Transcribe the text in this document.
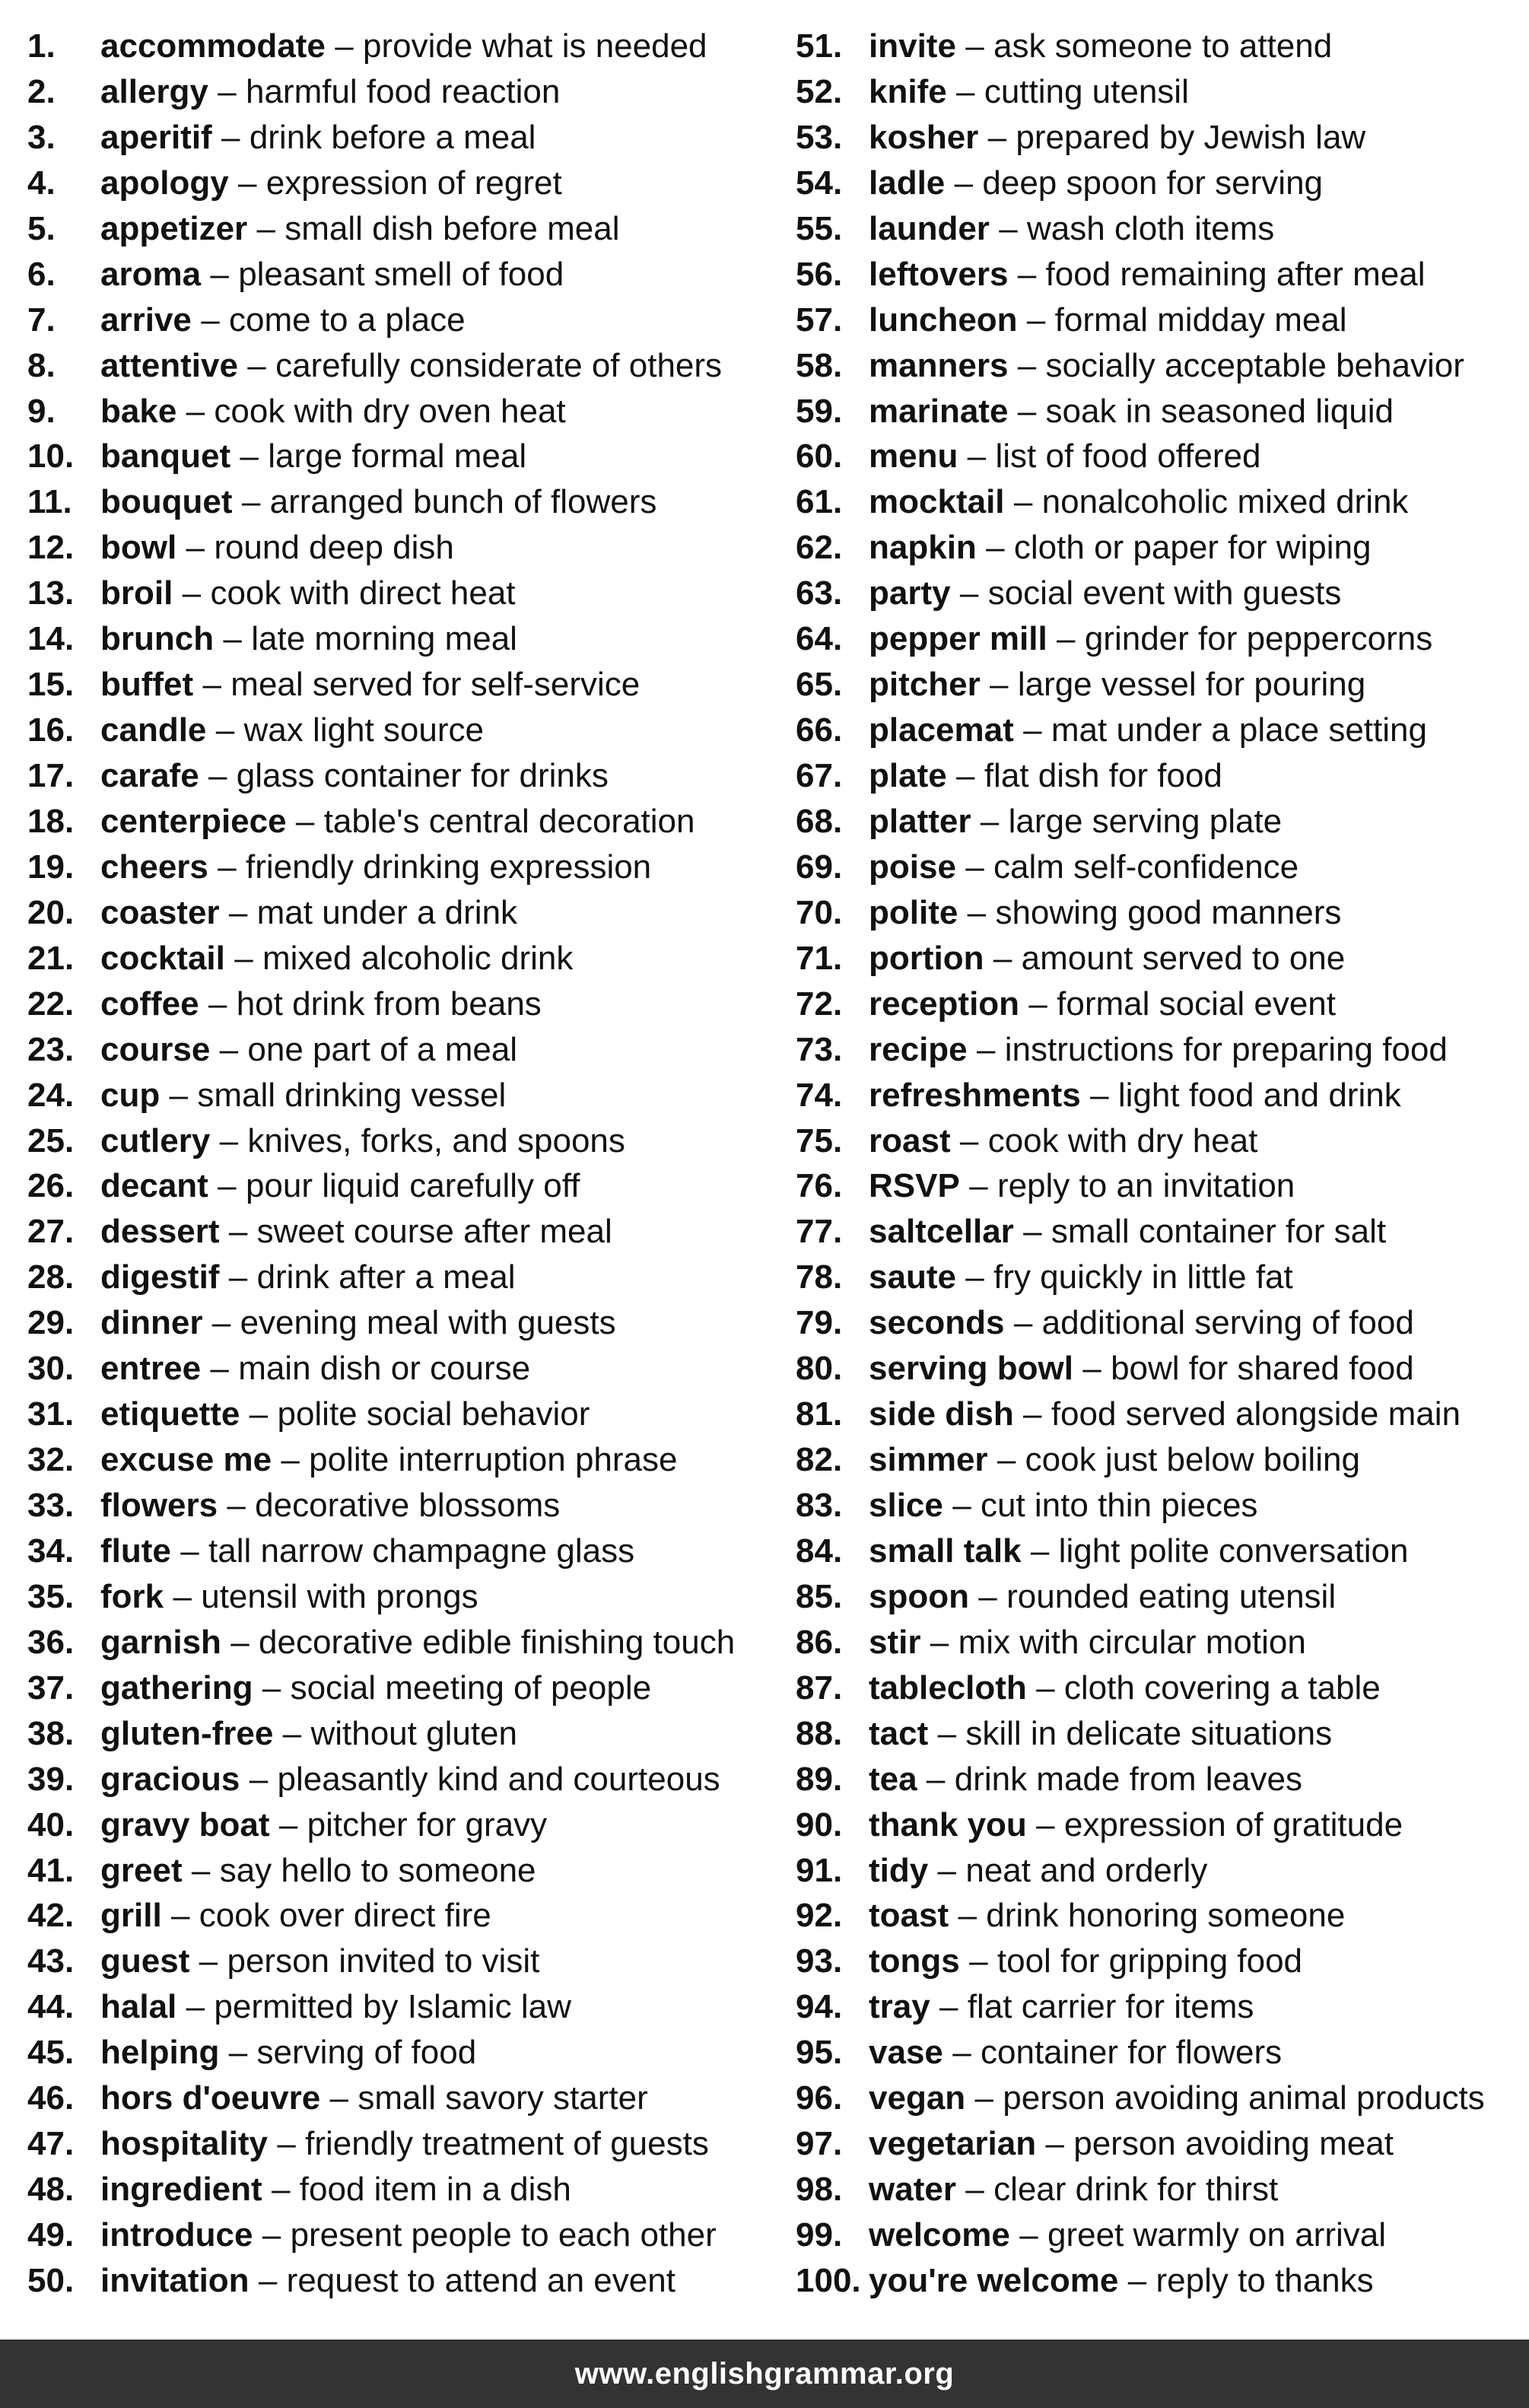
1.	accommodate – provide what is needed
2.	allergy – harmful food reaction
3.	aperitif – drink before a meal
4.	apology – expression of regret
5.	appetizer – small dish before meal
6.	aroma – pleasant smell of food
7.	arrive – come to a place
8.	attentive – carefully considerate of others
9.	bake – cook with dry oven heat
10. banquet – large formal meal
11. bouquet – arranged bunch of flowers
12. bowl – round deep dish
13. broil – cook with direct heat
14. brunch – late morning meal
15. buffet – meal served for self-service
16. candle – wax light source
17. carafe – glass container for drinks
18. centerpiece – table's central decoration
19. cheers – friendly drinking expression
20. coaster – mat under a drink
21. cocktail – mixed alcoholic drink
22. coffee – hot drink from beans
23. course – one part of a meal
24. cup – small drinking vessel
25. cutlery – knives, forks, and spoons
26. decant – pour liquid carefully off
27. dessert – sweet course after meal
28. digestif – drink after a meal
29. dinner – evening meal with guests
30. entree – main dish or course
31. etiquette – polite social behavior
32. excuse me – polite interruption phrase
33. flowers – decorative blossoms
34. flute – tall narrow champagne glass
35. fork – utensil with prongs
36. garnish – decorative edible finishing touch
37. gathering – social meeting of people
38. gluten-free – without gluten
39. gracious – pleasantly kind and courteous
40. gravy boat – pitcher for gravy
41. greet – say hello to someone
42. grill – cook over direct fire
43. guest – person invited to visit
44. halal – permitted by Islamic law
45. helping – serving of food
46. hors d'oeuvre – small savory starter
47. hospitality – friendly treatment of guests
48. ingredient – food item in a dish
49. introduce – present people to each other
50. invitation – request to attend an event
51. invite – ask someone to attend
52. knife – cutting utensil
53. kosher – prepared by Jewish law
54. ladle – deep spoon for serving
55. launder – wash cloth items
56. leftovers – food remaining after meal
57. luncheon – formal midday meal
58. manners – socially acceptable behavior
59. marinate – soak in seasoned liquid
60. menu – list of food offered
61. mocktail – nonalcoholic mixed drink
62. napkin – cloth or paper for wiping
63. party – social event with guests
64. pepper mill – grinder for peppercorns
65. pitcher – large vessel for pouring
66. placemat – mat under a place setting
67. plate – flat dish for food
68. platter – large serving plate
69. poise – calm self-confidence
70. polite – showing good manners
71. portion – amount served to one
72. reception – formal social event
73. recipe – instructions for preparing food
74. refreshments – light food and drink
75. roast – cook with dry heat
76. RSVP – reply to an invitation
77. saltcellar – small container for salt
78. saute – fry quickly in little fat
79. seconds – additional serving of food
80. serving bowl – bowl for shared food
81. side dish – food served alongside main
82. simmer – cook just below boiling
83. slice – cut into thin pieces
84. small talk – light polite conversation
85. spoon – rounded eating utensil
86. stir – mix with circular motion
87. tablecloth – cloth covering a table
88. tact – skill in delicate situations
89. tea – drink made from leaves
90. thank you – expression of gratitude
91. tidy – neat and orderly
92. toast – drink honoring someone
93. tongs – tool for gripping food
94. tray – flat carrier for items
95. vase – container for flowers
96. vegan – person avoiding animal products
97. vegetarian – person avoiding meat
98. water – clear drink for thirst
99. welcome – greet warmly on arrival
100. you're welcome – reply to thanks
www.englishgrammar.org
